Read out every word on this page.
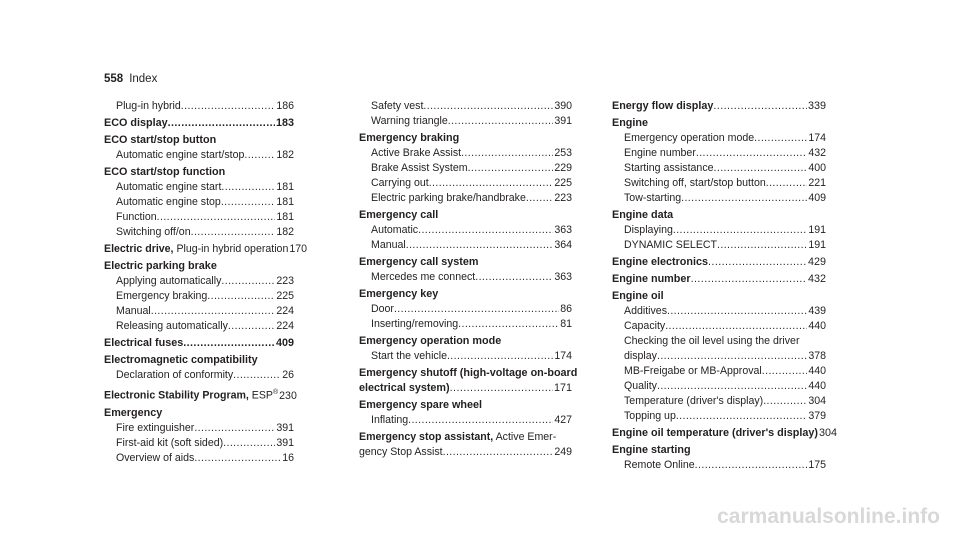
558 Index
Plug-in hybrid .....	186
ECO display .....	183
ECO start/stop button
Automatic engine start/stop .....	182
ECO start/stop function
Automatic engine start .....	181
Automatic engine stop .....	181
Function .....	181
Switching off/on .....	182
Electric drive, Plug-in hybrid operation 170
Electric parking brake
Applying automatically .....	223
Emergency braking .....	225
Manual .....	224
Releasing automatically .....	224
Electrical fuses .....	409
Electromagnetic compatibility
Declaration of conformity .....	26
Electronic Stability Program, ESP® 230
Emergency
Fire extinguisher .....	391
First-aid kit (soft sided) .....	391
Overview of aids .....	16
Safety vest .....	390
Warning triangle .....	391
Emergency braking
Active Brake Assist .....	253
Brake Assist System .....	229
Carrying out .....	225
Electric parking brake/handbrake .....	223
Emergency call
Automatic .....	363
Manual .....	364
Emergency call system
Mercedes me connect .....	363
Emergency key
Door .....	86
Inserting/removing .....	81
Emergency operation mode
Start the vehicle .....	174
Emergency shutoff (high-voltage on-board
electrical system) .....	171
Emergency spare wheel
Inflating .....	427
Emergency stop assistant, Active Emer-
gency Stop Assist .....	249
Energy flow display .....	339
Engine
Emergency operation mode .....	174
Engine number .....	432
Starting assistance .....	400
Switching off, start/stop button .....	221
Tow-starting .....	409
Engine data
Displaying .....	191
DYNAMIC SELECT .....	191
Engine electronics .....	429
Engine number .....	432
Engine oil
Additives .....	439
Capacity .....	440
Checking the oil level using the driver
display .....	378
MB-Freigabe or MB-Approval .....	440
Quality .....	440
Temperature (driver's display) .....	304
Topping up .....	379
Engine oil temperature (driver's display) 304
Engine starting
Remote Online .....	175
carmanualsonline.info
